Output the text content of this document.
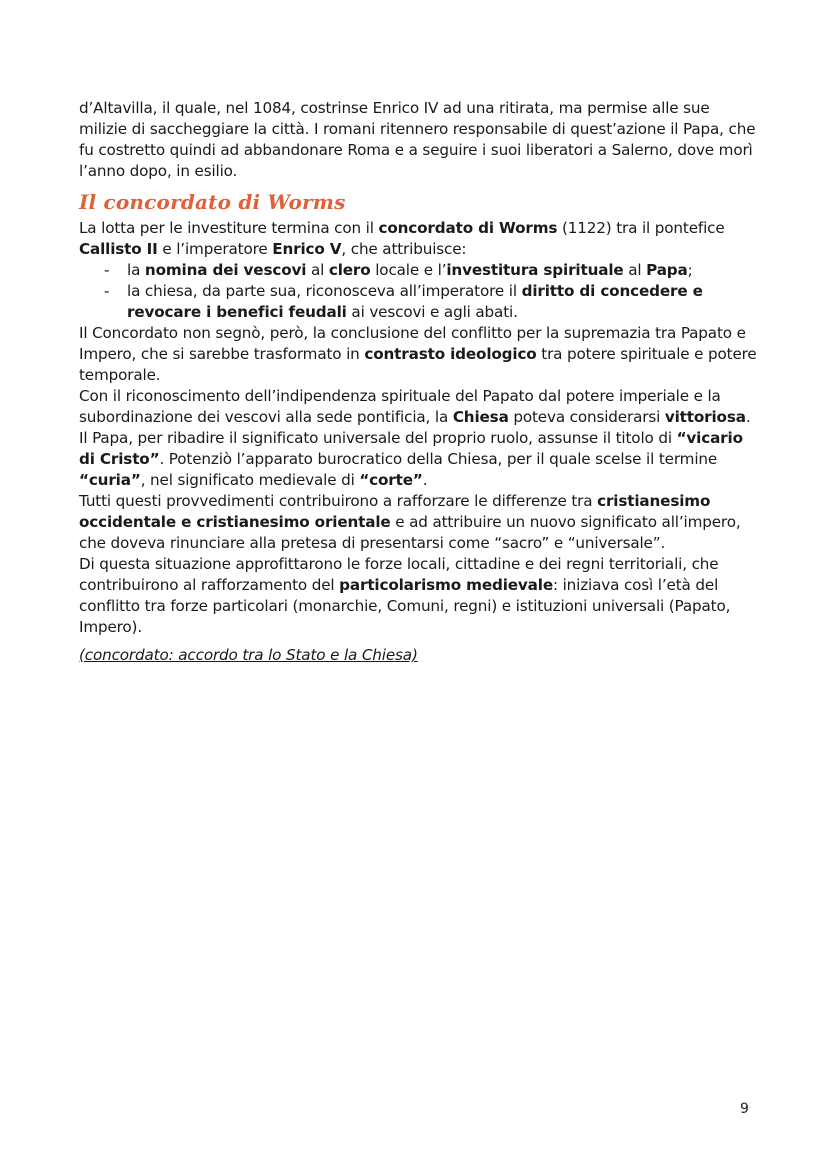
d’Altavilla, il quale, nel 1084, costrinse Enrico IV ad una ritirata, ma permise alle sue milizie di saccheggiare la città. I romani ritennero responsabile di quest’azione il Papa, che fu costretto quindi ad abbandonare Roma e a seguire i suoi liberatori a Salerno, dove morì l’anno dopo, in esilio.

Il concordato di Worms

La lotta per le investiture termina con il concordato di Worms (1122) tra il pontefice Callisto II e l’imperatore Enrico V, che attribuisce:

- la nomina dei vescovi al clero locale e l’investitura spirituale al Papa;
- la chiesa, da parte sua, riconosceva all’imperatore il diritto di concedere e revocare i benefici feudali ai vescovi e agli abati.

Il Concordato non segnò, però, la conclusione del conflitto per la supremazia tra Papato e Impero, che si sarebbe trasformato in contrasto ideologico tra potere spirituale e potere temporale.

Con il riconoscimento dell’indipendenza spirituale del Papato dal potere imperiale e la subordinazione dei vescovi alla sede pontificia, la Chiesa poteva considerarsi vittoriosa.

Il Papa, per ribadire il significato universale del proprio ruolo, assunse il titolo di “vicario di Cristo”. Potenziò l’apparato burocratico della Chiesa, per il quale scelse il termine “curia”, nel significato medievale di “corte”.

Tutti questi provvedimenti contribuirono a rafforzare le differenze tra cristianesimo occidentale e cristianesimo orientale e ad attribuire un nuovo significato all’impero, che doveva rinunciare alla pretesa di presentarsi come “sacro” e “universale”.

Di questa situazione approfittarono le forze locali, cittadine e dei regni territoriali, che contribuirono al rafforzamento del particolarismo medievale: iniziava così l’età del conflitto tra forze particolari (monarchie, Comuni, regni) e istituzioni universali (Papato, Impero).

(concordato: accordo tra lo Stato e la Chiesa)

9
